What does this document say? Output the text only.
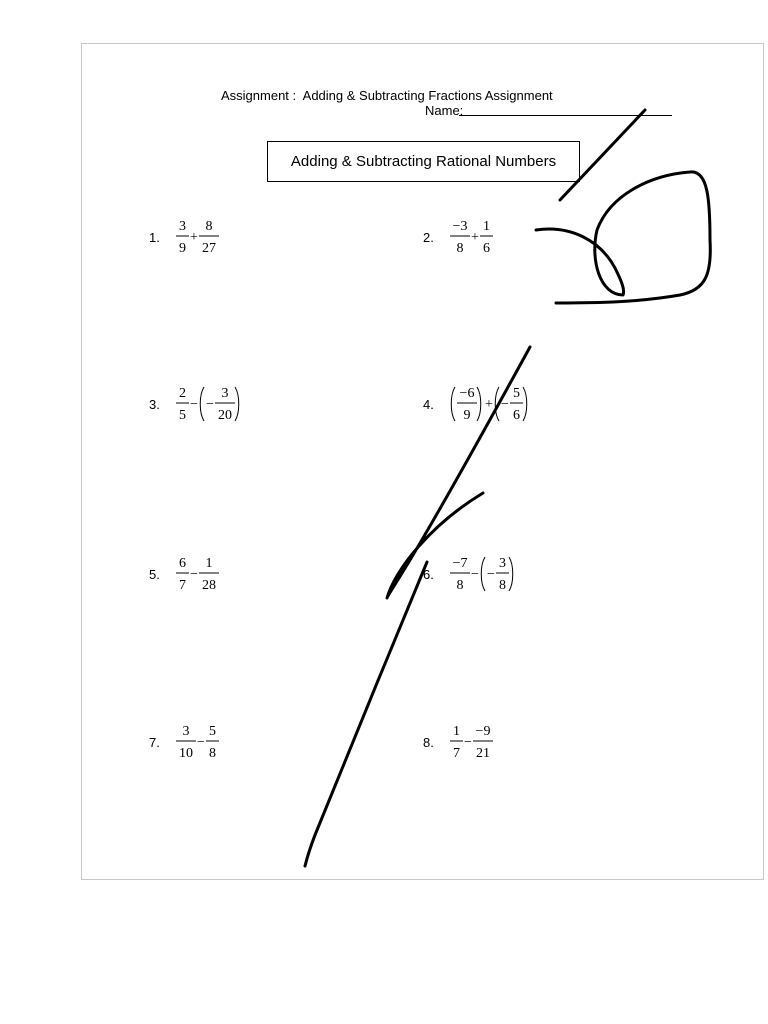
Assignment :  Adding & Subtracting Fractions Assignment
Name:
Adding & Subtracting Rational Numbers
1.
3
9
+
8
27
2.
−3
8
+
1
6
3.
2
5
− −
3
20
4.
−6
9
+ −
5
6
5.
6
7
−
1
28
6.
−7
8
− −
3
8
7.
3
10
−
5
8
8.
1
7
−
−9
21
